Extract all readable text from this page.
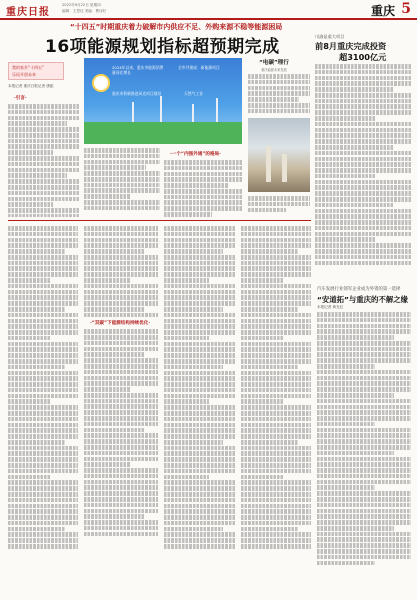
重庆日报
2022年9月22日 星期四
编辑：王思佳 美编：曹诗好	重庆 5
“十四五”时期重庆着力破解市内供应不足、外购来源不稳等能源困局
16项能源规划指标超预期完成
我的家乡“十四五”
乐局开创未来
本报记者 重庆日报记者 康振
·引言·
2024年以来，重庆市能源消费量同比增长
全市共建成：新能源项目
重庆市积极推进风光项目建设	天然气工业
·一个“内强外通”的格局·
“电碳”理行
重庆能源未来发展
川渝是重大项目
前8月重庆完成投资
超3100亿元
汽车发展行业领军企业成为外资的第一选择
“安道拓”与重庆的不解之缘
本报记者 黄光红
·“双碳”下能源结构持续优化·
